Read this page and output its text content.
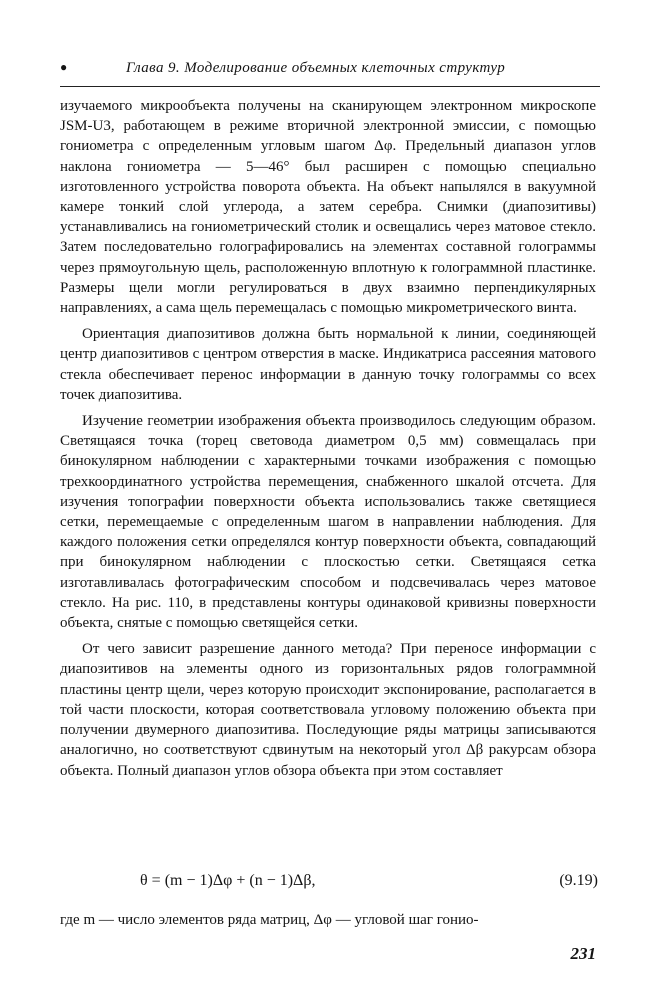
●	Глава 9. Моделирование объемных клеточных структур

изучаемого микрообъекта получены на сканирующем электронном микроскопе JSM-U3, работающем в режиме вторичной электронной эмиссии, с помощью гониометра с определенным угловым шагом Δφ. Предельный диапазон углов наклона гониометра — 5—46° был расширен с помощью специально изготовленного устройства поворота объекта. На объект напылялся в вакуумной камере тонкий слой углерода, а затем серебра. Снимки (диапозитивы) устанавливались на гониометрический столик и освещались через матовое стекло. Затем последовательно голографировались на элементах составной голограммы через прямоугольную щель, расположенную вплотную к голограммной пластинке. Размеры щели могли регулироваться в двух взаимно перпендикулярных направлениях, а сама щель перемещалась с помощью микрометрического винта.

Ориентация диапозитивов должна быть нормальной к линии, соединяющей центр диапозитивов с центром отверстия в маске. Индикатриса рассеяния матового стекла обеспечивает перенос информации в данную точку голограммы со всех точек диапозитива.

Изучение геометрии изображения объекта производилось следующим образом. Светящаяся точка (торец световода диаметром 0,5 мм) совмещалась при бинокулярном наблюдении с характерными точками изображения с помощью трехкоординатного устройства перемещения, снабженного шкалой отсчета. Для изучения топографии поверхности объекта использовались также светящиеся сетки, перемещаемые с определенным шагом в направлении наблюдения. Для каждого положения сетки определялся контур поверхности объекта, совпадающий при бинокулярном наблюдении с плоскостью сетки. Светящаяся сетка изготавливалась фотографическим способом и подсвечивалась через матовое стекло. На рис. 110, в представлены контуры одинаковой кривизны поверхности объекта, снятые с помощью светящейся сетки.

От чего зависит разрешение данного метода? При переносе информации с диапозитивов на элементы одного из горизонтальных рядов голограммной пластины центр щели, через которую происходит экспонирование, располагается в той части плоскости, которая соответствовала угловому положению объекта при получении двумерного диапозитива. Последующие ряды матрицы записываются аналогично, но соответствуют сдвинутым на некоторый угол Δβ ракурсам обзора объекта. Полный диапазон углов обзора объекта при этом составляет

θ = (m − 1)Δφ + (n − 1)Δβ,	(9.19)
где m — число элементов ряда матриц, Δφ — угловой шаг гонио-
231
